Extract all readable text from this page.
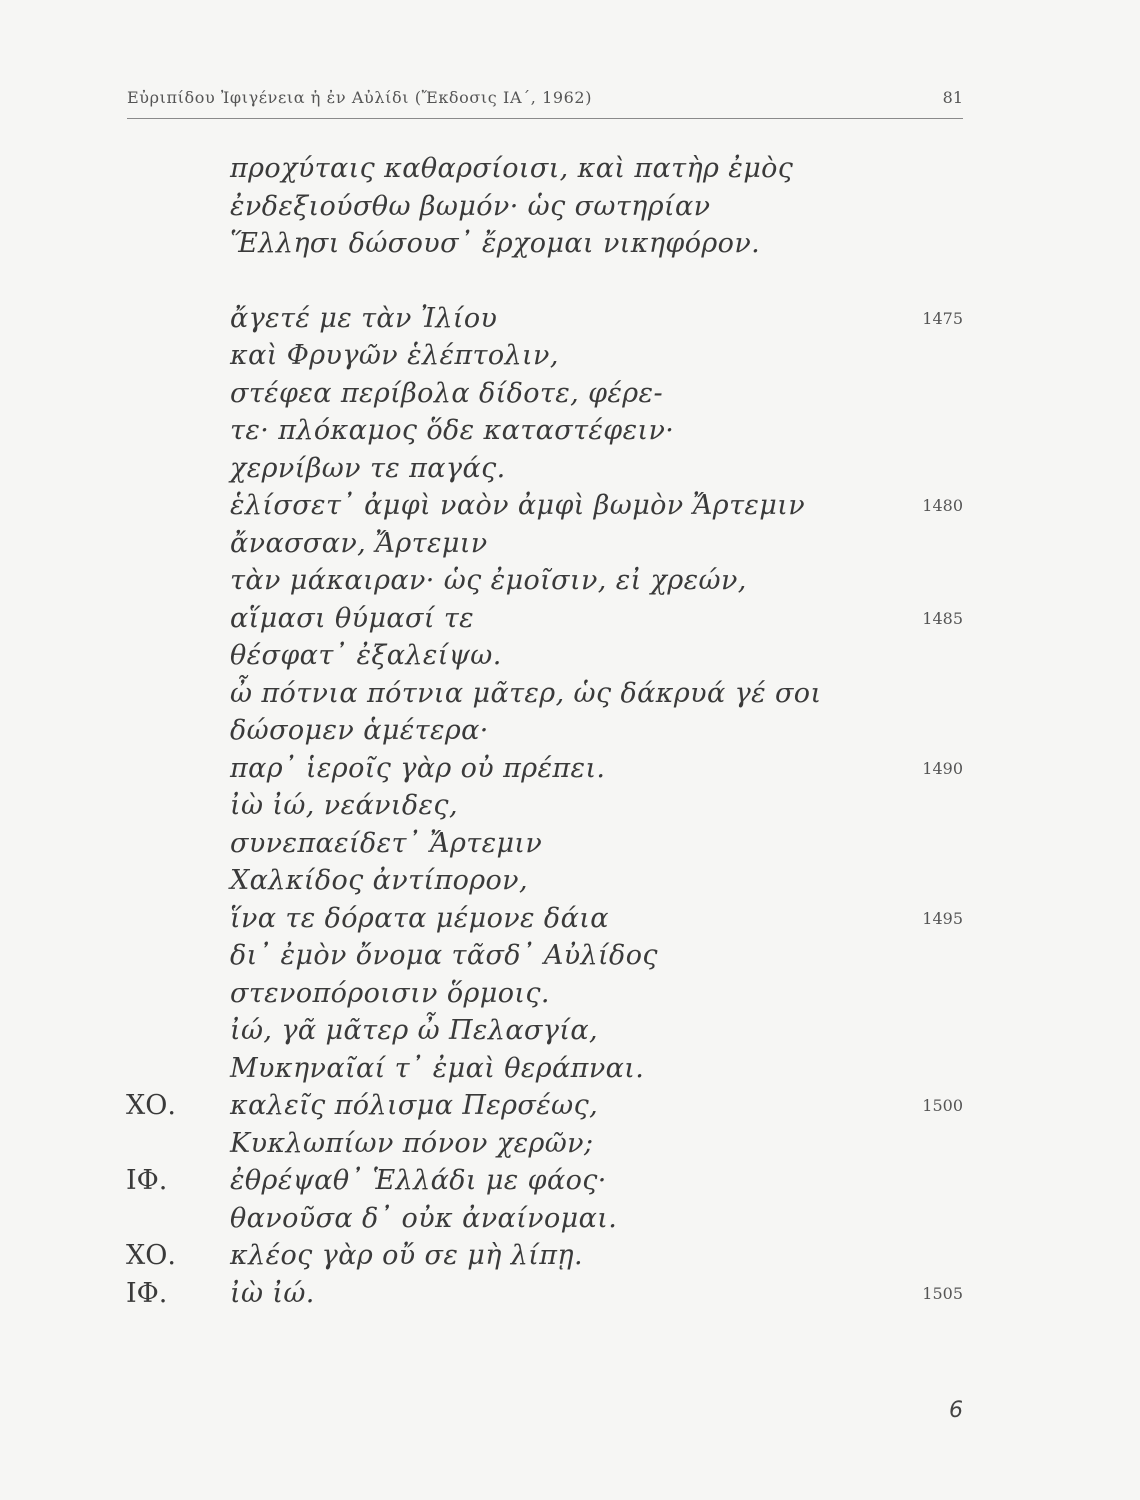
Εὐριπίδου Ἰφιγένεια ἡ ἐν Αὐλίδι (Ἔκδοσις ΙΑ΄, 1962)	81
προχύταις καθαρσίοισι, καὶ πατὴρ ἐμὸς
ἐνδεξιούσθω βωμόν· ὡς σωτηρίαν
Ἕλλησι δώσουσ᾽ ἔρχομαι νικηφόρον.
ἄγετέ με τὰν Ἰλίου	1475
καὶ Φρυγῶν ἑλέπτολιν,
στέφεα περίβολα δίδοτε, φέρε-
τε· πλόκαμος ὅδε καταστέφειν·
χερνίβων τε παγάς.
ἑλίσσετ᾽ ἀμφὶ ναὸν ἀμφὶ βωμὸν Ἄρτεμιν	1480
ἄνασσαν, Ἄρτεμιν
τὰν μάκαιραν· ὡς ἐμοῖσιν, εἰ χρεών,
αἵμασι θύμασί τε	1485
θέσφατ᾽ ἐξαλείψω.
ὦ πότνια πότνια μᾶτερ, ὡς δάκρυά γέ σοι
δώσομεν ἁμέτερα·
παρ᾽ ἱεροῖς γὰρ οὐ πρέπει.	1490
ἰὼ ἰώ, νεάνιδες,
συνεπαείδετ᾽ Ἄρτεμιν
Χαλκίδος ἀντίπορον,
ἵνα τε δόρατα μέμονε δάια	1495
δι᾽ ἐμὸν ὄνομα τᾶσδ᾽ Αὐλίδος
στενοπόροισιν ὅρμοις.
ἰώ, γᾶ μᾶτερ ὦ Πελασγία,
Μυκηναῖαί τ᾽ ἐμαὶ θεράπναι.
ΧΟ. καλεῖς πόλισμα Περσέως,	1500
Κυκλωπίων πόνον χερῶν;
ΙΦ. ἐθρέψαθ᾽ Ἑλλάδι με φάος·
θανοῦσα δ᾽ οὐκ ἀναίνομαι.
ΧΟ. κλέος γὰρ οὔ σε μὴ λίπῃ.
ΙΦ. ἰὼ ἰώ.	1505
6
